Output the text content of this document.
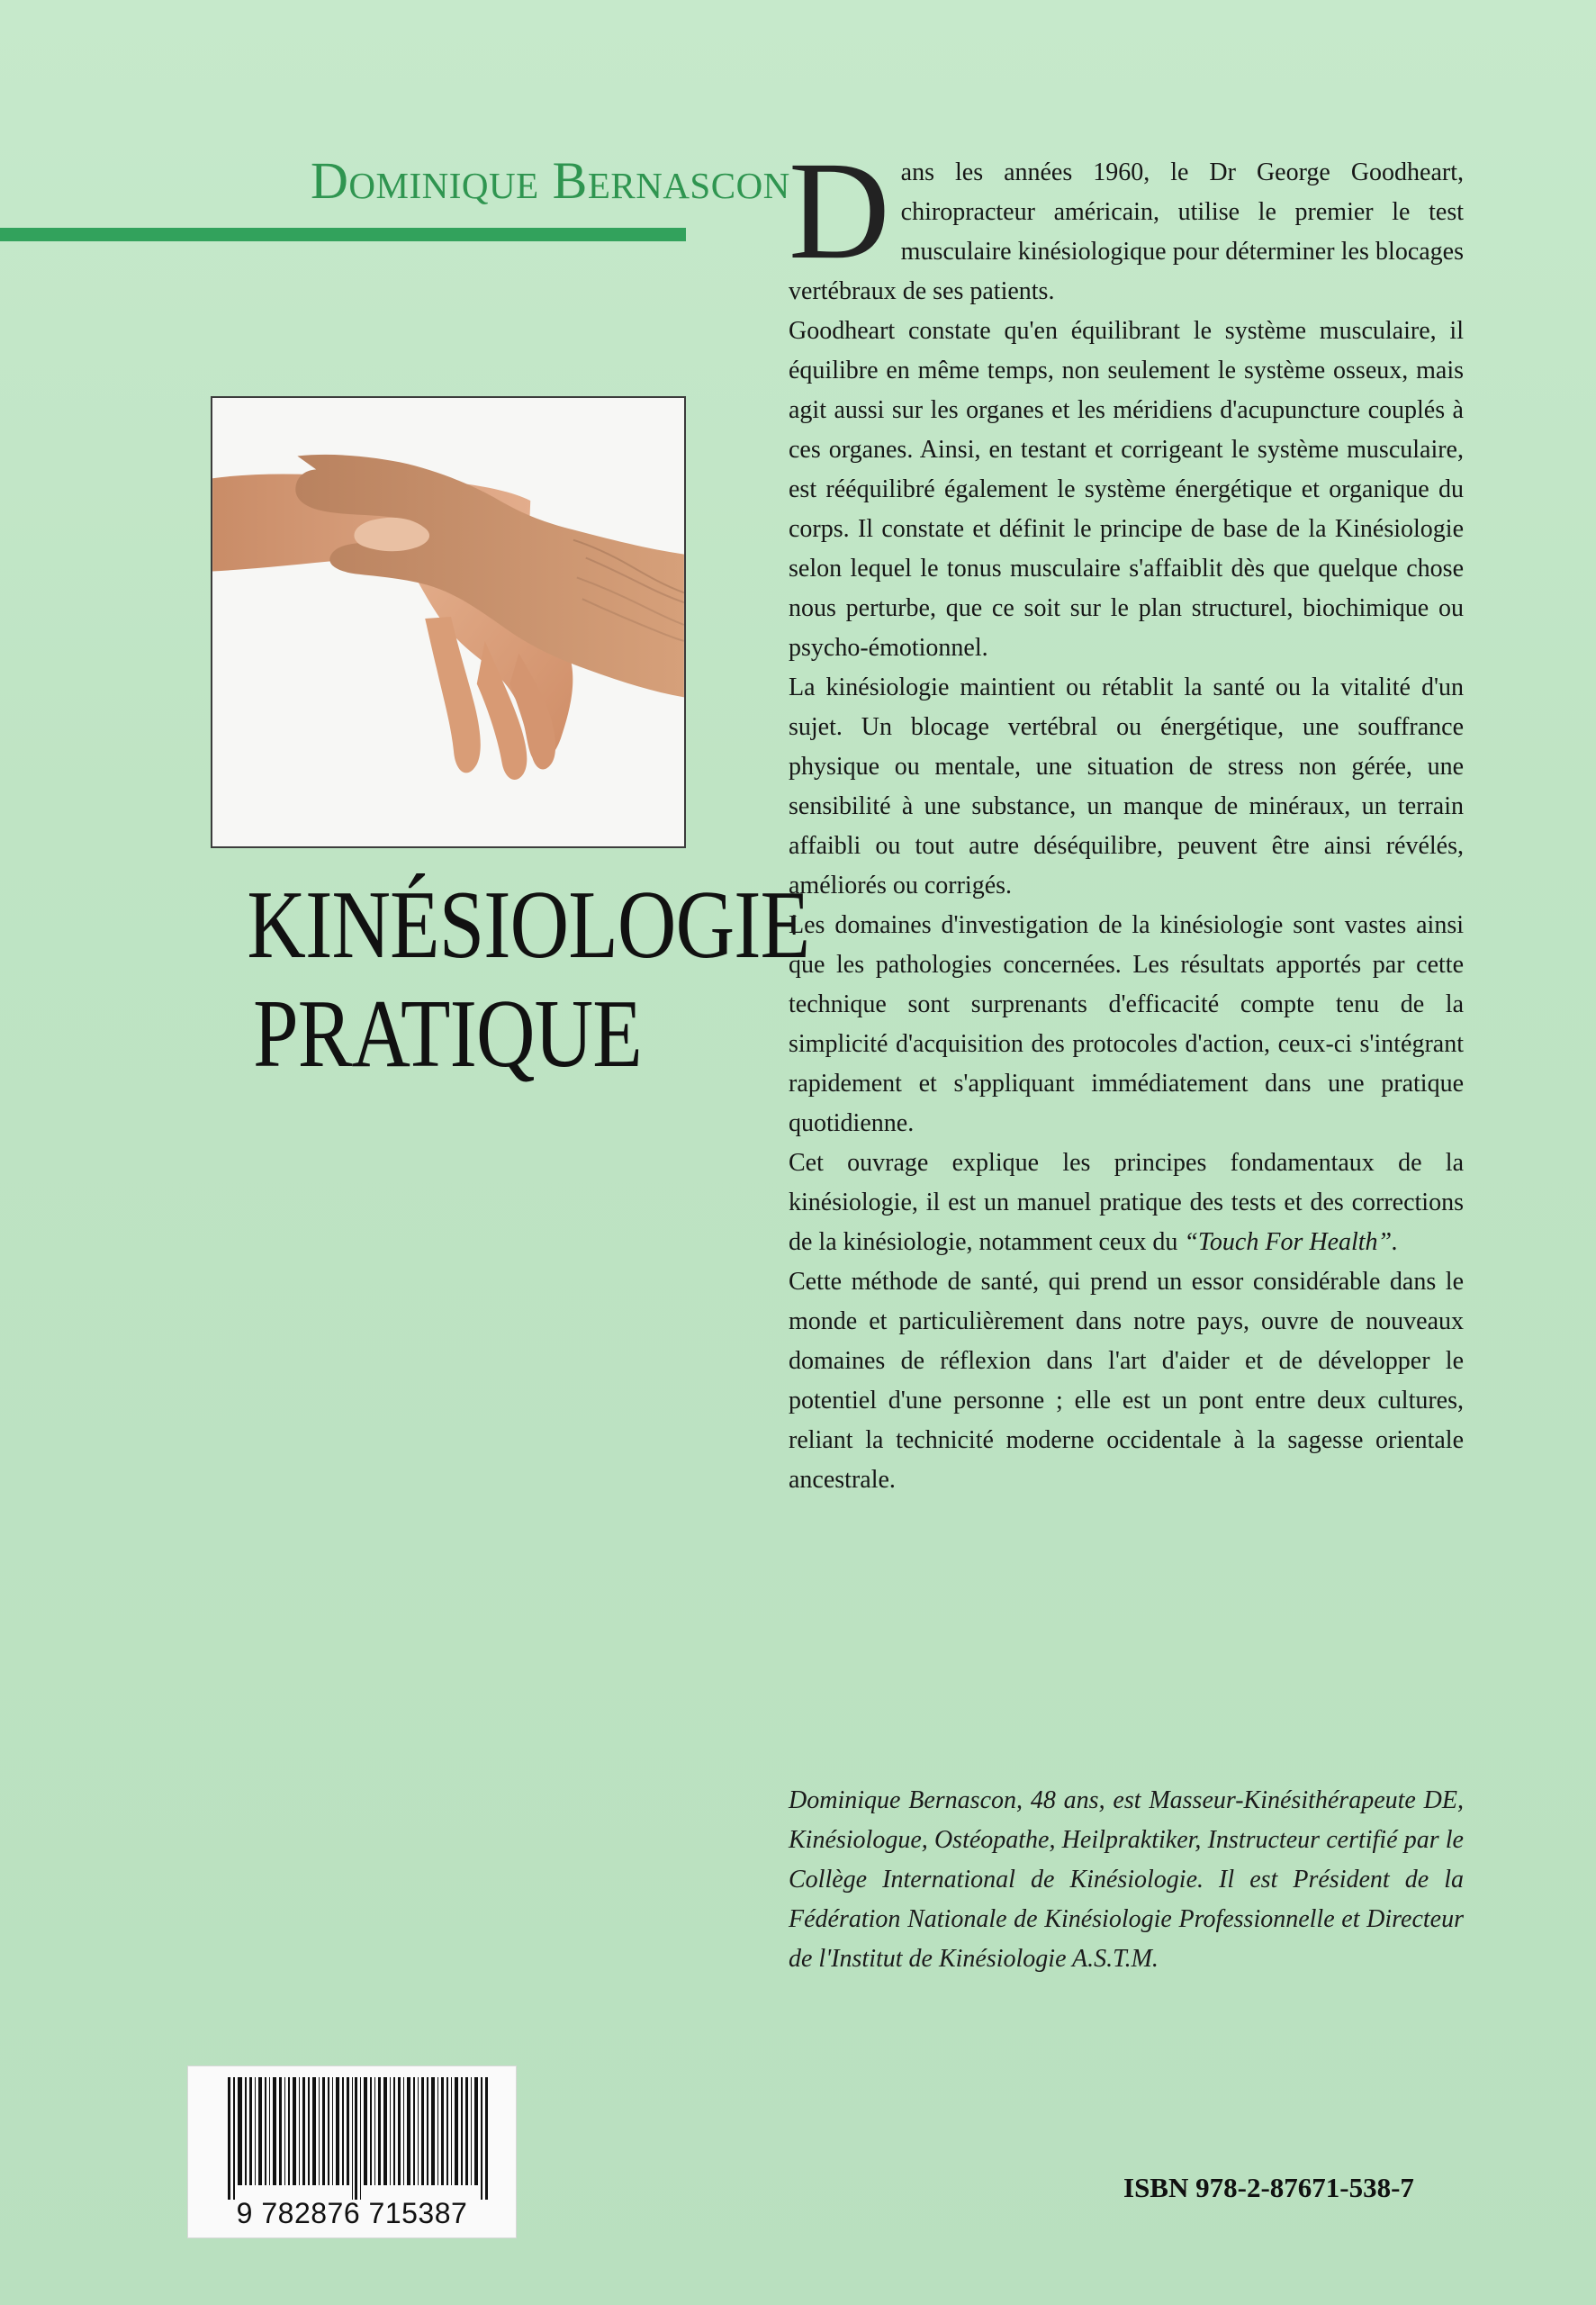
Dominique Bernascon
KINÉSIOLOGIE
PRATIQUE

D ans les années 1960, le Dr George Goodheart, chiropracteur américain, utilise le premier le test musculaire kinésiologique pour déterminer les blocages vertébraux de ses patients.

Goodheart constate qu'en équilibrant le système musculaire, il équilibre en même temps, non seulement le système osseux, mais agit aussi sur les organes et les méridiens d'acupuncture couplés à ces organes. Ainsi, en testant et corrigeant le système musculaire, est rééquilibré également le système énergétique et organique du corps. Il constate et définit le principe de base de la Kinésiologie selon lequel le tonus musculaire s'affaiblit dès que quelque chose nous perturbe, que ce soit sur le plan structurel, biochimique ou psycho-émotionnel.

La kinésiologie maintient ou rétablit la santé ou la vitalité d'un sujet. Un blocage vertébral ou énergétique, une souffrance physique ou mentale, une situation de stress non gérée, une sensibilité à une substance, un manque de minéraux, un terrain affaibli ou tout autre déséquilibre, peuvent être ainsi révélés, améliorés ou corrigés.

Les domaines d'investigation de la kinésiologie sont vastes ainsi que les pathologies concernées. Les résultats apportés par cette technique sont surprenants d'efficacité compte tenu de la simplicité d'acquisition des protocoles d'action, ceux-ci s'intégrant rapidement et s'appliquant immédiatement dans une pratique quotidienne.

Cet ouvrage explique les principes fondamentaux de la kinésiologie, il est un manuel pratique des tests et des corrections de la kinésiologie, notamment ceux du “Touch For Health”.

Cette méthode de santé, qui prend un essor considérable dans le monde et particulièrement dans notre pays, ouvre de nouveaux domaines de réflexion dans l'art d'aider et de développer le potentiel d'une personne ; elle est un pont entre deux cultures, reliant la technicité moderne occidentale à la sagesse orientale ancestrale.

Dominique Bernascon, 48 ans, est Masseur-Kinésithérapeute DE, Kinésiologue, Ostéopathe, Heilpraktiker, Instructeur certifié par le Collège International de Kinésiologie. Il est Président de la Fédération Nationale de Kinésiologie Professionnelle et Directeur de l'Institut de Kinésiologie A.S.T.M.
9 782876 715387
ISBN 978-2-87671-538-7
